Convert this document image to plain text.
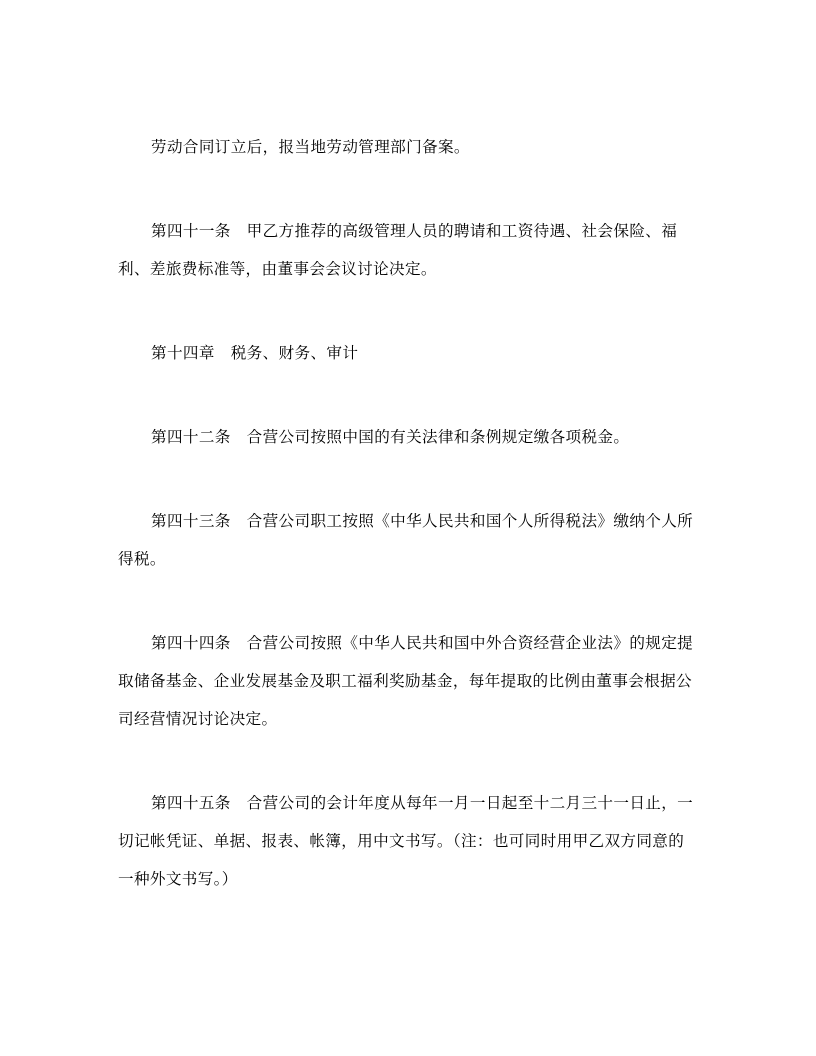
劳动合同订立后，报当地劳动管理部门备案。

第四十一条　甲乙方推荐的高级管理人员的聘请和工资待遇、社会保险、福利、差旅费标准等，由董事会会议讨论决定。

第十四章　税务、财务、审计

第四十二条　合营公司按照中国的有关法律和条例规定缴各项税金。

第四十三条　合营公司职工按照《中华人民共和国个人所得税法》缴纳个人所得税。

第四十四条　合营公司按照《中华人民共和国中外合资经营企业法》的规定提取储备基金、企业发展基金及职工福利奖励基金，每年提取的比例由董事会根据公司经营情况讨论决定。

第四十五条　合营公司的会计年度从每年一月一日起至十二月三十一日止，一切记帐凭证、单据、报表、帐簿，用中文书写。（注：也可同时用甲乙双方同意的一种外文书写。）
